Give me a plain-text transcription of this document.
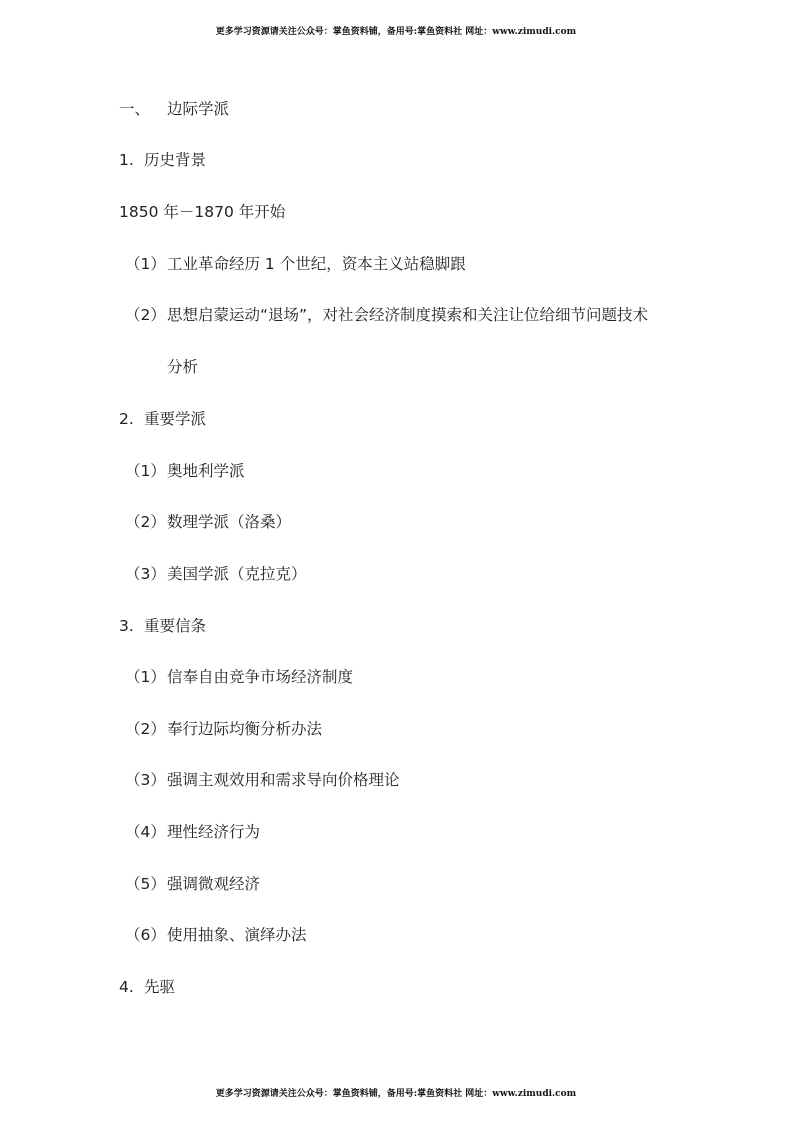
更多学习资源请关注公众号：掌鱼资料铺，备用号:掌鱼资料社 网址：www.zimudi.com
一、 边际学派
1. 历史背景
1850 年－1870 年开始
（1）工业革命经历 1 个世纪，资本主义站稳脚跟
（2）思想启蒙运动“退场”，对社会经济制度摸索和关注让位给细节问题技术
分析
2. 重要学派
（1）奥地利学派
（2）数理学派（洛桑）
（3）美国学派（克拉克）
3. 重要信条
（1）信奉自由竞争市场经济制度
（2）奉行边际均衡分析办法
（3）强调主观效用和需求导向价格理论
（4）理性经济行为
（5）强调微观经济
（6）使用抽象、演绎办法
4. 先驱
更多学习资源请关注公众号：掌鱼资料铺，备用号:掌鱼资料社 网址：www.zimudi.com
